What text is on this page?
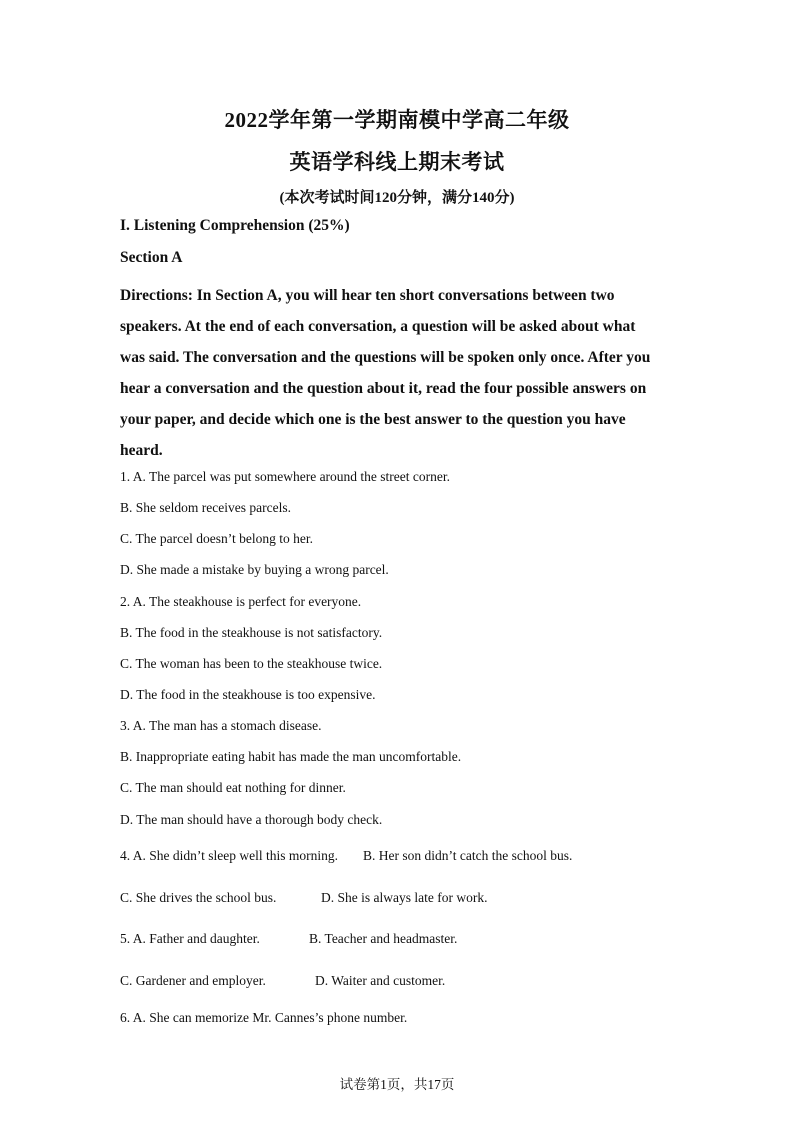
2022学年第一学期南模中学高二年级
英语学科线上期末考试
(本次考试时间120分钟，满分140分)
I. Listening Comprehension (25%)
Section A
Directions: In Section A, you will hear ten short conversations between two
speakers. At the end of each conversation, a question will be asked about what
was said. The conversation and the questions will be spoken only once. After you
hear a conversation and the question about it, read the four possible answers on
your paper, and decide which one is the best answer to the question you have
heard.
1. A. The parcel was put somewhere around the street corner.
B. She seldom receives parcels.
C. The parcel doesn’t belong to her.
D. She made a mistake by buying a wrong parcel.
2. A. The steakhouse is perfect for everyone.
B. The food in the steakhouse is not satisfactory.
C. The woman has been to the steakhouse twice.
D. The food in the steakhouse is too expensive.
3. A. The man has a stomach disease.
B. Inappropriate eating habit has made the man uncomfortable.
C. The man should eat nothing for dinner.
D. The man should have a thorough body check.
4. A. She didn’t sleep well this morning. B. Her son didn’t catch the school bus.
C. She drives the school bus.	D. She is always late for work.
5. A. Father and daughter.	B. Teacher and headmaster.
C. Gardener and employer.	D. Waiter and customer.
6. A. She can memorize Mr. Cannes’s phone number.
试卷第1页，共17页
